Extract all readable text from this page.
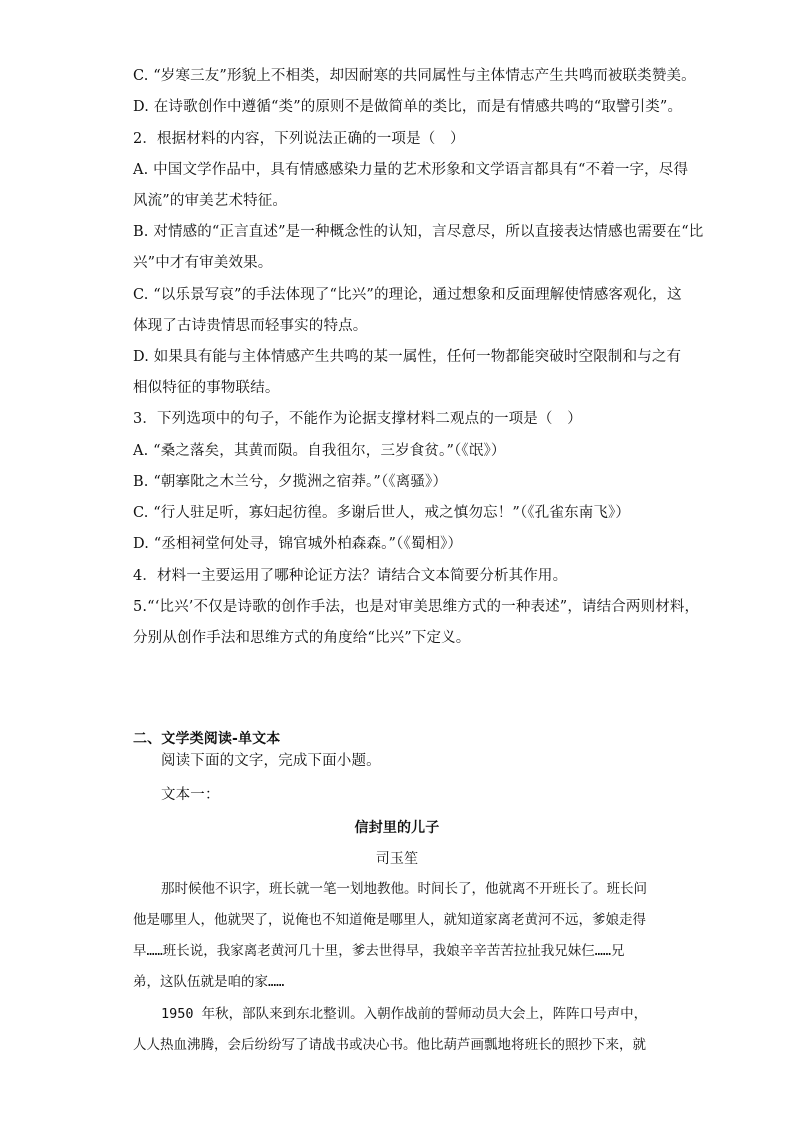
C. “岁寒三友”形貌上不相类，却因耐寒的共同属性与主体情志产生共鸣而被联类赞美。
D. 在诗歌创作中遵循“类”的原则不是做简单的类比，而是有情感共鸣的“取譬引类”。
2．根据材料的内容，下列说法正确的一项是（　）
A. 中国文学作品中，具有情感感染力量的艺术形象和文学语言都具有“不着一字，尽得
风流”的审美艺术特征。
B. 对情感的“正言直述”是一种概念性的认知，言尽意尽，所以直接表达情感也需要在“比
兴”中才有审美效果。
C. “以乐景写哀”的手法体现了“比兴”的理论，通过想象和反面理解使情感客观化，这
体现了古诗贵情思而轻事实的特点。
D. 如果具有能与主体情感产生共鸣的某一属性，任何一物都能突破时空限制和与之有
相似特征的事物联结。
3．下列选项中的句子，不能作为论据支撑材料二观点的一项是（　）
A. “桑之落矣，其黄而陨。自我徂尔，三岁食贫。”（《氓》）
B. “朝搴阰之木兰兮，夕揽洲之宿莽。”（《离骚》）
C. “行人驻足听，寡妇起彷徨。多谢后世人，戒之慎勿忘！”（《孔雀东南飞》）
D. “丞相祠堂何处寻，锦官城外柏森森。”（《蜀相》）
4．材料一主要运用了哪种论证方法？请结合文本简要分析其作用。
5.“‘比兴’不仅是诗歌的创作手法，也是对审美思维方式的一种表述”，请结合两则材料，
分别从创作手法和思维方式的角度给“比兴”下定义。
二、文学类阅读-单文本
阅读下面的文字，完成下面小题。
文本一：
信封里的儿子
司玉笙
那时候他不识字，班长就一笔一划地教他。时间长了，他就离不开班长了。班长问
他是哪里人，他就哭了，说俺也不知道俺是哪里人，就知道家离老黄河不远，爹娘走得
早……班长说，我家离老黄河几十里，爹去世得早，我娘辛辛苦苦拉扯我兄妹仨……兄
弟，这队伍就是咱的家……
1950 年秋，部队来到东北整训。入朝作战前的誓师动员大会上，阵阵口号声中，
人人热血沸腾，会后纷纷写了请战书或决心书。他比葫芦画瓢地将班长的照抄下来，就
